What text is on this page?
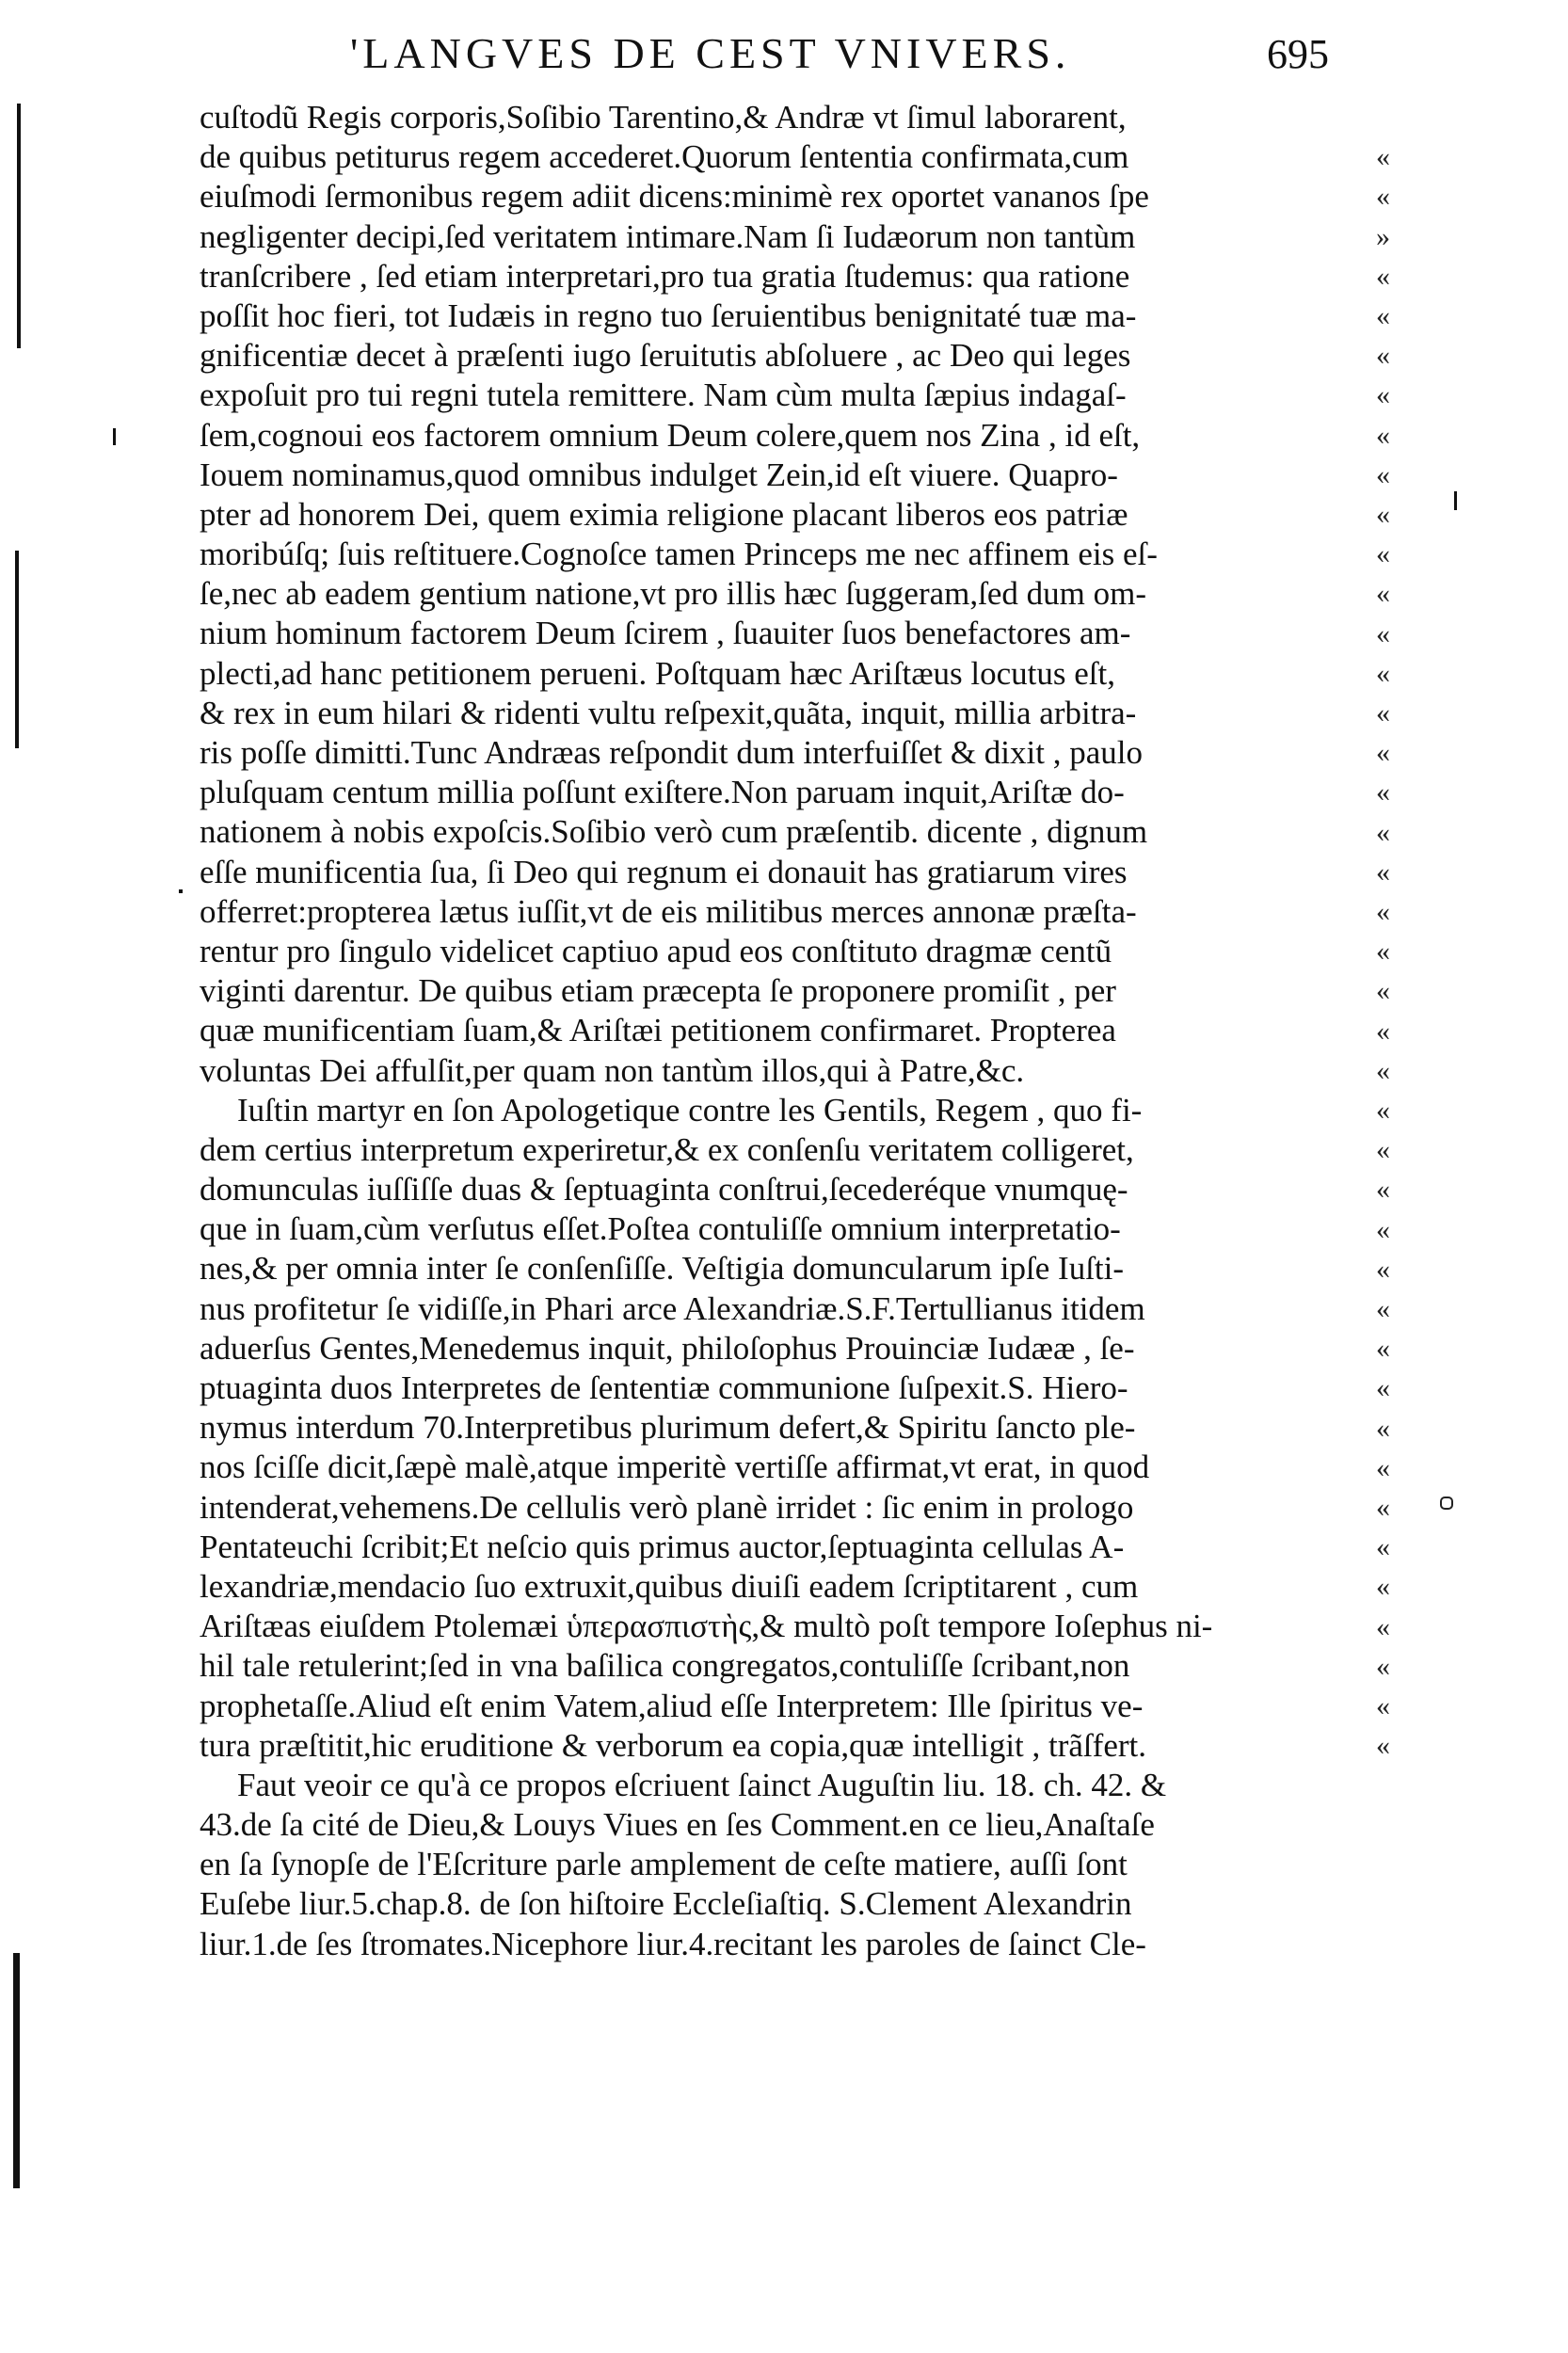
'LANGVES DE CEST VNIVERS.	695
cuſtodũ Regis corporis,Soſibio Tarentino,& Andræ vt ſimul laborarent,
de quibus petiturus regem accederet.Quorum ſententia confirmata,cum
eiuſmodi ſermonibus regem adiit dicens:minimè rex oportet vananos ſpe
negligenter decipi,ſed veritatem intimare.Nam ſi Iudæorum non tantùm
tranſcribere , ſed etiam interpretari,pro tua gratia ſtudemus: qua ratione
poſſit hoc fieri, tot Iudæis in regno tuo ſeruientibus benignitaté tuæ ma-
gnificentiæ decet à præſenti iugo ſeruitutis abſoluere , ac Deo qui leges
expoſuit pro tui regni tutela remittere. Nam cùm multa ſæpius indagaſ-
ſem,cognoui eos factorem omnium Deum colere,quem nos Zina , id eſt,
Iouem nominamus,quod omnibus indulget Zein,id eſt viuere. Quapro-
pter ad honorem Dei, quem eximia religione placant liberos eos patriæ
moribúſq; ſuis reſtituere.Cognoſce tamen Princeps me nec affinem eis eſ-
ſe,nec ab eadem gentium natione,vt pro illis hæc ſuggeram,ſed dum om-
nium hominum factorem Deum ſcirem , ſuauiter ſuos benefactores am-
plecti,ad hanc petitionem perueni. Poſtquam hæc Ariſtæus locutus eſt,
& rex in eum hilari & ridenti vultu reſpexit,quãta, inquit, millia arbitra-
ris poſſe dimitti.Tunc Andræas reſpondit dum interfuiſſet & dixit , paulo
pluſquam centum millia poſſunt exiſtere.Non paruam inquit,Ariſtæ do-
nationem à nobis expoſcis.Soſibio verò cum præſentib. dicente , dignum
eſſe munificentia ſua, ſi Deo qui regnum ei donauit has gratiarum vires
offerret:propterea lætus iuſſit,vt de eis militibus merces annonæ præſta-
rentur pro ſingulo videlicet captiuo apud eos conſtituto dragmæ centũ
viginti darentur. De quibus etiam præcepta ſe proponere promiſit , per
quæ munificentiam ſuam,& Ariſtæi petitionem confirmaret. Propterea
voluntas Dei affulſit,per quam non tantùm illos,qui à Patre,&c.
Iuſtin martyr en ſon Apologetique contre les Gentils, Regem , quo fi-
dem certius interpretum experiretur,& ex conſenſu veritatem colligeret,
domunculas iuſſiſſe duas & ſeptuaginta conſtrui,ſecederéque vnumquę-
que in ſuam,cùm verſutus eſſet.Poſtea contuliſſe omnium interpretatio-
nes,& per omnia inter ſe conſenſiſſe. Veſtigia domuncularum ipſe Iuſti-
nus profitetur ſe vidiſſe,in Phari arce Alexandriæ.S.F.Tertullianus itidem
aduerſus Gentes,Menedemus inquit, philoſophus Prouinciæ Iudææ , ſe-
ptuaginta duos Interpretes de ſententiæ communione ſuſpexit.S. Hiero-
nymus interdum 70.Interpretibus plurimum defert,& Spiritu ſancto ple-
nos ſciſſe dicit,ſæpè malè,atque imperitè vertiſſe affirmat,vt erat, in quod
intenderat,vehemens.De cellulis verò planè irridet : ſic enim in prologo
Pentateuchi ſcribit;Et neſcio quis primus auctor,ſeptuaginta cellulas A-
lexandriæ,mendacio ſuo extruxit,quibus diuiſi eadem ſcriptitarent , cum
Ariſtæas eiuſdem Ptolemæi ὑπερασπιστὴς,& multò poſt tempore Ioſephus ni-
hil tale retulerint;ſed in vna baſilica congregatos,contuliſſe ſcribant,non
prophetaſſe.Aliud eſt enim Vatem,aliud eſſe Interpretem: Ille ſpiritus ve-
tura præſtitit,hic eruditione & verborum ea copia,quæ intelligit , trãſfert.
Faut veoir ce qu'à ce propos eſcriuent ſainct Auguſtin liu. 18. ch. 42. &
43.de ſa cité de Dieu,& Louys Viues en ſes Comment.en ce lieu,Anaſtaſe
en ſa ſynopſe de l'Eſcriture parle amplement de ceſte matiere, auſſi ſont
Euſebe liur.5.chap.8. de ſon hiſtoire Eccleſiaſtiq. S.Clement Alexandrin
liur.1.de ſes ſtromates.Nicephore liur.4.recitant les paroles de ſainct Cle-
«
«
»
«
«
«
«
«
«
«
«
«
«
«
«
«
«
«
«
«
«
«
«
«
«
«
«
«
«
«
«
«
«
«
«
«
«
«
«
«
«
